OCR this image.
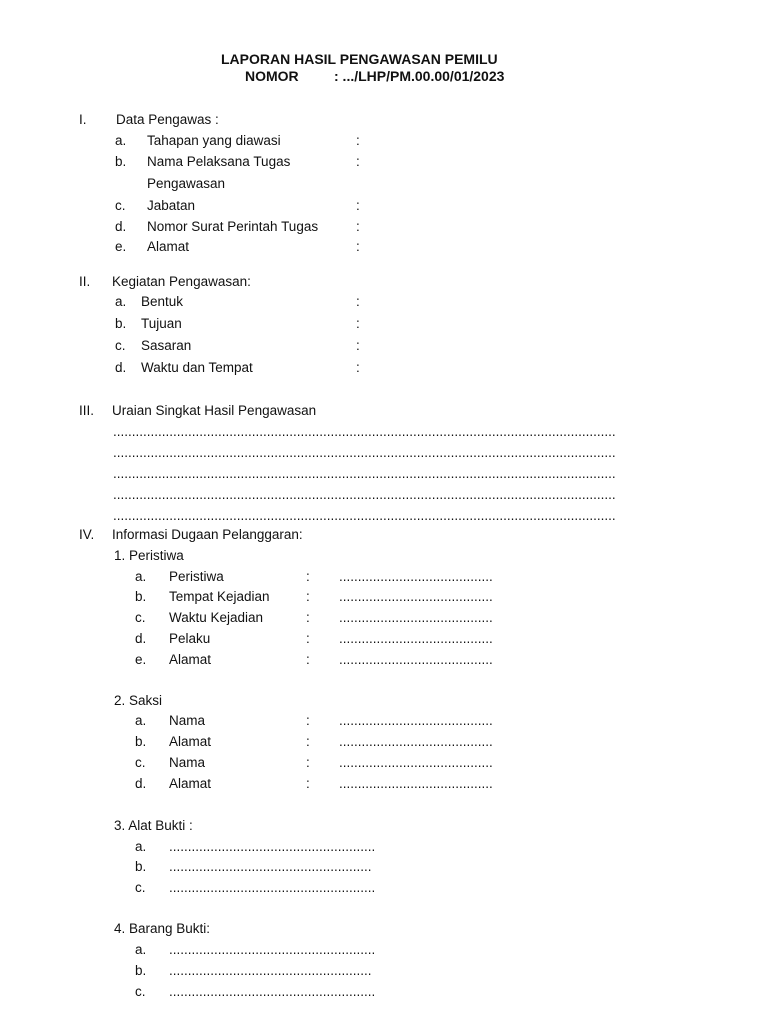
LAPORAN HASIL PENGAWASAN PEMILU
NOMOR	: .../LHP/PM.00.00/01/2023
I. Data Pengawas :
a. Tahapan yang diawasi	:
b. Nama Pelaksana Tugas	:
Pengawasan
c. Jabatan	:
d. Nomor Surat Perintah Tugas	:
e. Alamat	:
II. Kegiatan Pengawasan:
a. Bentuk	:
b. Tujuan	:
c. Sasaran	:
d. Waktu dan Tempat	:
III. Uraian Singkat Hasil Pengawasan
......................................................................................................................................
......................................................................................................................................
......................................................................................................................................
......................................................................................................................................
......................................................................................................................................
IV. Informasi Dugaan Pelanggaran:
1. Peristiwa
a. Peristiwa	: .........................................
b. Tempat Kejadian	: .........................................
c. Waktu Kejadian	: .........................................
d. Pelaku	: .........................................
e. Alamat	: .........................................
2. Saksi
a. Nama	: .........................................
b. Alamat	: .........................................
c. Nama	: .........................................
d. Alamat	: .........................................
3. Alat Bukti :
a. .......................................................
b. ......................................................
c. .......................................................
4. Barang Bukti:
a. .......................................................
b. ......................................................
c. .......................................................
